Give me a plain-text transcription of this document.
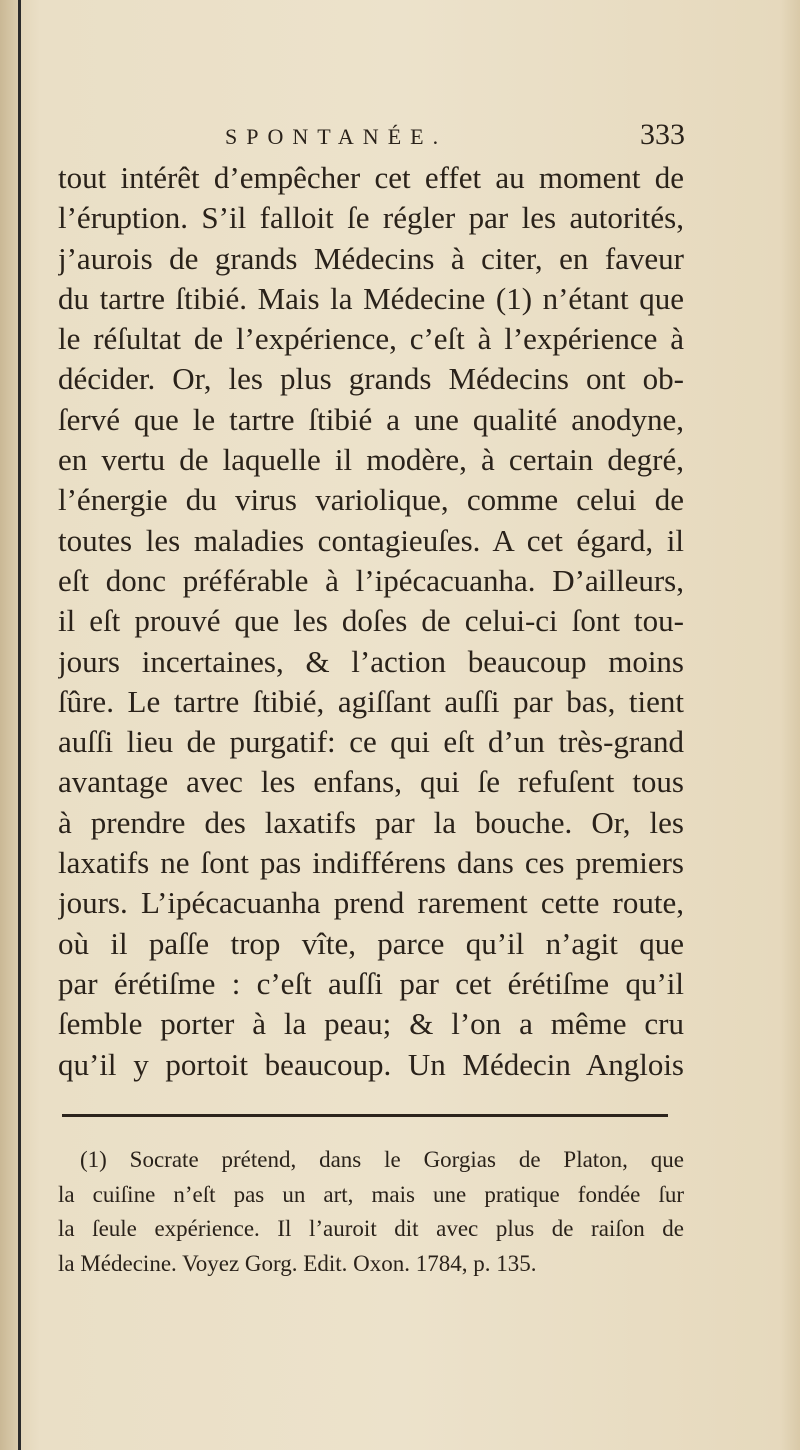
SPONTANÉE.	333
tout intérêt d’empêcher cet effet au moment de
l’éruption. S’il falloit ſe régler par les autorités,
j’aurois de grands Médecins à citer, en faveur
du tartre ſtibié. Mais la Médecine (1) n’étant que
le réſultat de l’expérience, c’eſt à l’expérience à
décider. Or, les plus grands Médecins ont ob-
ſervé que le tartre ſtibié a une qualité anodyne,
en vertu de laquelle il modère, à certain degré,
l’énergie du virus variolique, comme celui de
toutes les maladies contagieuſes. A cet égard, il
eſt donc préférable à l’ipécacuanha. D’ailleurs,
il eſt prouvé que les doſes de celui-ci ſont tou-
jours incertaines, & l’action beaucoup moins
ſûre. Le tartre ſtibié, agiſſant auſſi par bas, tient
auſſi lieu de purgatif: ce qui eſt d’un très-grand
avantage avec les enfans, qui ſe refuſent tous
à prendre des laxatifs par la bouche. Or, les
laxatifs ne ſont pas indifférens dans ces premiers
jours. L’ipécacuanha prend rarement cette route,
où il paſſe trop vîte, parce qu’il n’agit que
par érétiſme : c’eſt auſſi par cet érétiſme qu’il
ſemble porter à la peau; & l’on a même cru
qu’il y portoit beaucoup. Un Médecin Anglois
(1) Socrate prétend, dans le Gorgias de Platon, que
la cuiſine n’eſt pas un art, mais une pratique fondée ſur
la ſeule expérience. Il l’auroit dit avec plus de raiſon de
la Médecine. Voyez Gorg. Edit. Oxon. 1784, p. 135.
